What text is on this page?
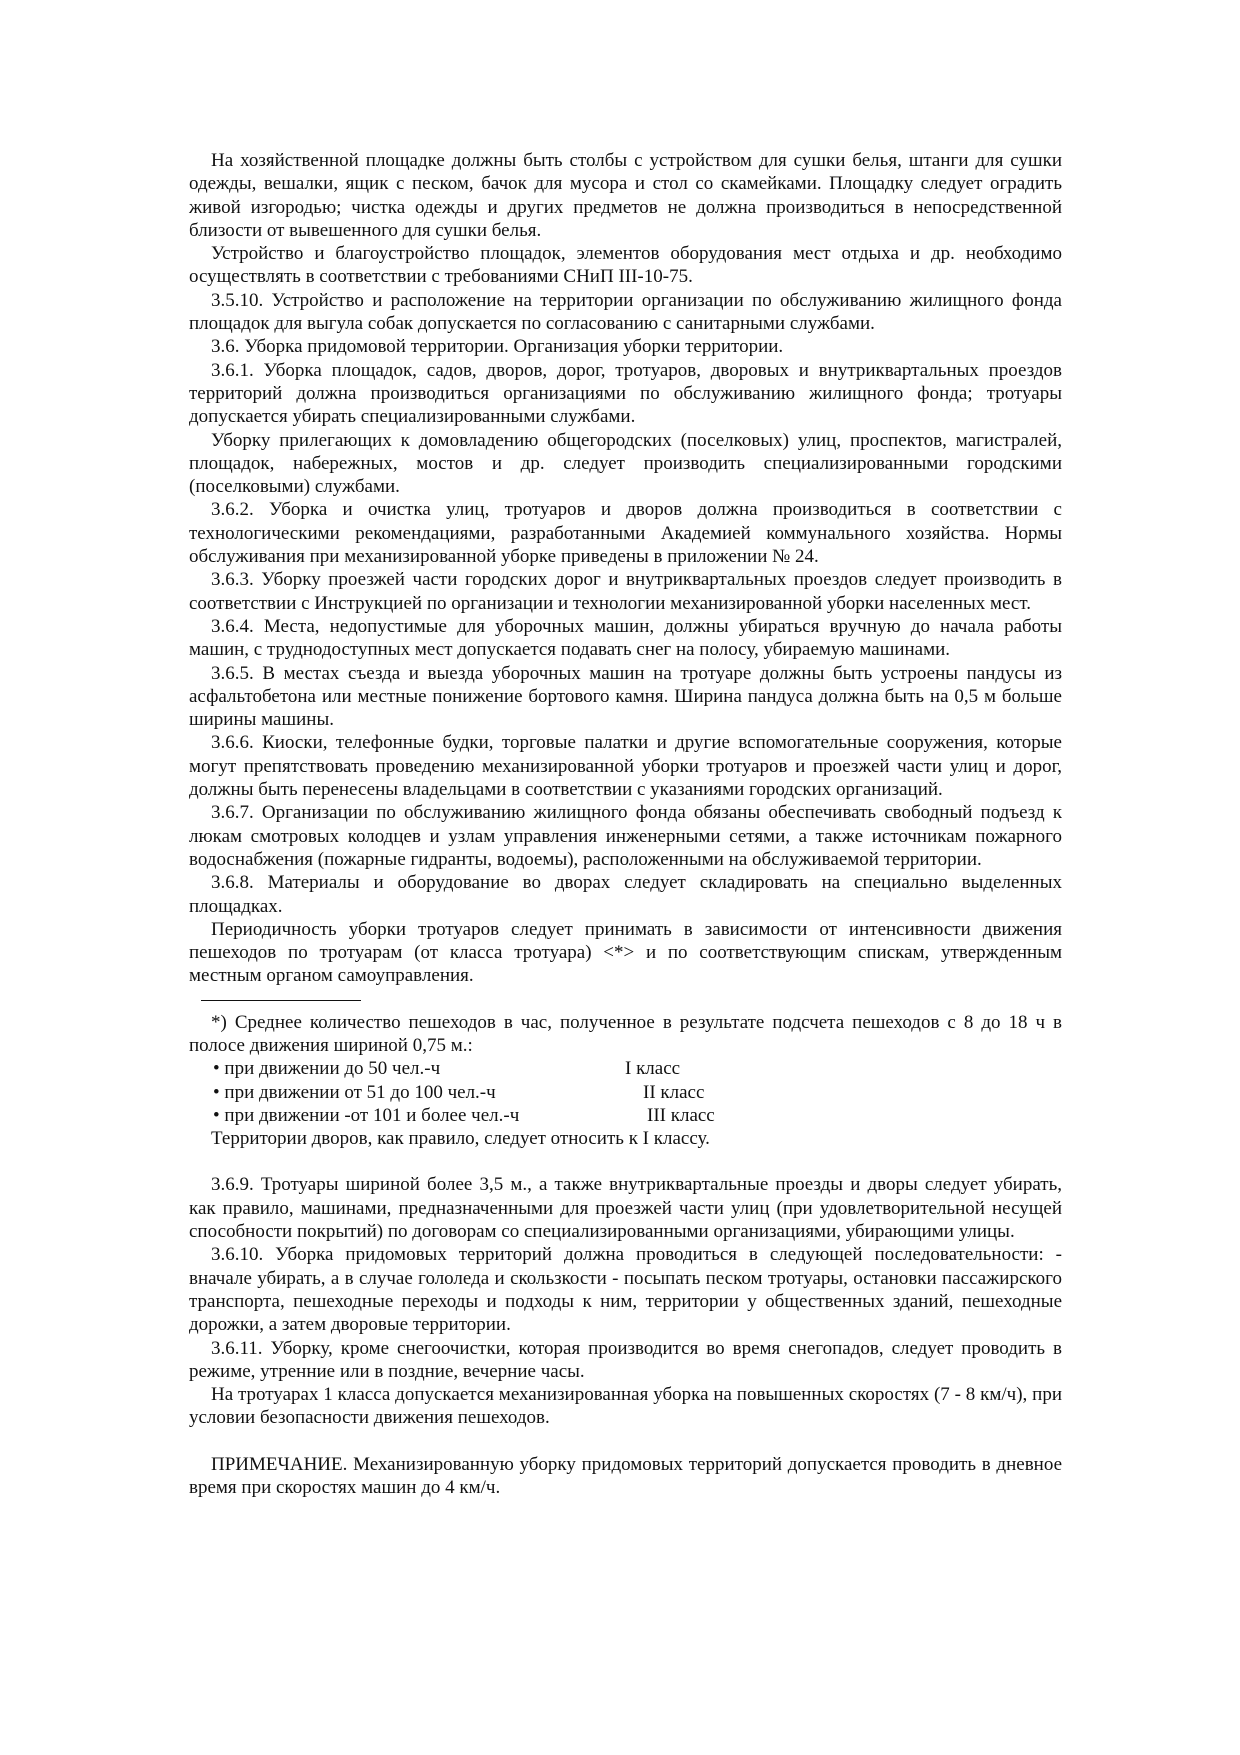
На хозяйственной площадке должны быть столбы с устройством для сушки белья, штанги для сушки одежды, вешалки, ящик с песком, бачок для мусора и стол со скамейками. Площадку следует оградить живой изгородью; чистка одежды и других предметов не должна производиться в непосредственной близости от вывешенного для сушки белья.

Устройство и благоустройство площадок, элементов оборудования мест отдыха и др. необходимо осуществлять в соответствии с требованиями СНиП III-10-75.

3.5.10. Устройство и расположение на территории организации по обслуживанию жилищного фонда площадок для выгула собак допускается по согласованию с санитарными службами.

3.6. Уборка придомовой территории. Организация уборки территории.

3.6.1. Уборка площадок, садов, дворов, дорог, тротуаров, дворовых и внутриквартальных проездов территорий должна производиться организациями по обслуживанию жилищного фонда; тротуары допускается убирать специализированными службами.

Уборку прилегающих к домовладению общегородских (поселковых) улиц, проспектов, магистралей, площадок, набережных, мостов и др. следует производить специализированными городскими (поселковыми) службами.

3.6.2. Уборка и очистка улиц, тротуаров и дворов должна производиться в соответствии с технологическими рекомендациями, разработанными Академией коммунального хозяйства. Нормы обслуживания при механизированной уборке приведены в приложении № 24.

3.6.3. Уборку проезжей части городских дорог и внутриквартальных проездов следует производить в соответствии с Инструкцией по организации и технологии механизированной уборки населенных мест.

3.6.4. Места, недопустимые для уборочных машин, должны убираться вручную до начала работы машин, с труднодоступных мест допускается подавать снег на полосу, убираемую машинами.

3.6.5. В местах съезда и выезда уборочных машин на тротуаре должны быть устроены пандусы из асфальтобетона или местные понижение бортового камня. Ширина пандуса должна быть на 0,5 м больше ширины машины.

3.6.6. Киоски, телефонные будки, торговые палатки и другие вспомогательные сооружения, которые могут препятствовать проведению механизированной уборки тротуаров и проезжей части улиц и дорог, должны быть перенесены владельцами в соответствии с указаниями городских организаций.

3.6.7. Организации по обслуживанию жилищного фонда обязаны обеспечивать свободный подъезд к люкам смотровых колодцев и узлам управления инженерными сетями, а также источникам пожарного водоснабжения (пожарные гидранты, водоемы), расположенными на обслуживаемой территории.

3.6.8. Материалы и оборудование во дворах следует складировать на специально выделенных площадках.

Периодичность уборки тротуаров следует принимать в зависимости от интенсивности движения пешеходов по тротуарам (от класса тротуара) <*> и по соответствующим спискам, утвержденным местным органом самоуправления.

*) Среднее количество пешеходов в час, полученное в результате подсчета пешеходов с 8 до 18 ч в полосе движения шириной 0,75 м.:

• при движении до 50 чел.-ч	I класс
• при движении от 51 до 100 чел.-ч	II класс
• при движении -от 101 и более чел.-ч	III класс

Территории дворов, как правило, следует относить к I классу.

3.6.9. Тротуары шириной более 3,5 м., а также внутриквартальные проезды и дворы следует убирать, как правило, машинами, предназначенными для проезжей части улиц (при удовлетворительной несущей способности покрытий) по договорам со специализированными организациями, убирающими улицы.

3.6.10. Уборка придомовых территорий должна проводиться в следующей последовательности: - вначале убирать, а в случае гололеда и скользкости - посыпать песком тротуары, остановки пассажирского транспорта, пешеходные переходы и подходы к ним, территории у общественных зданий, пешеходные дорожки, а затем дворовые территории.

3.6.11. Уборку, кроме снегоочистки, которая производится во время снегопадов, следует проводить в режиме, утренние или в поздние, вечерние часы.

На тротуарах 1 класса допускается механизированная уборка на повышенных скоростях (7 - 8 км/ч), при условии безопасности движения пешеходов.

ПРИМЕЧАНИЕ. Механизированную уборку придомовых территорий допускается проводить в дневное время при скоростях машин до 4 км/ч.
